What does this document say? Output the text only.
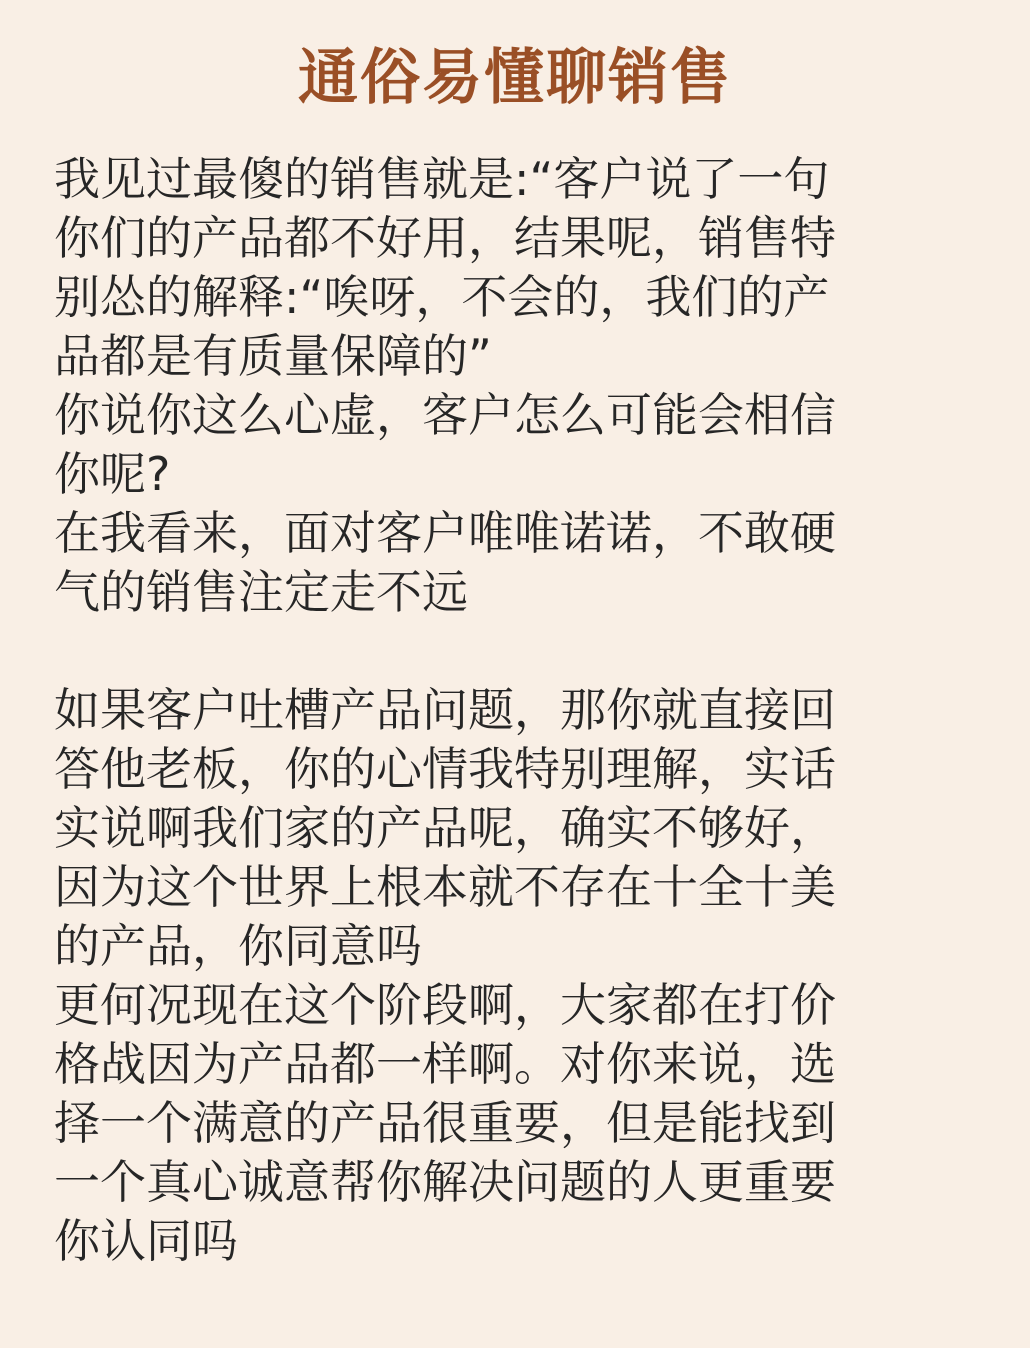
通俗易懂聊销售
我见过最傻的销售就是:“客户说了一句
你们的产品都不好用，结果呢，销售特
别怂的解释:“唉呀，不会的，我们的产
品都是有质量保障的”
你说你这么心虚，客户怎么可能会相信
你呢?
在我看来，面对客户唯唯诺诺，不敢硬
气的销售注定走不远
如果客户吐槽产品问题，那你就直接回
答他老板，你的心情我特别理解，实话
实说啊我们家的产品呢，确实不够好，
因为这个世界上根本就不存在十全十美
的产品，你同意吗
更何况现在这个阶段啊，大家都在打价
格战因为产品都一样啊。对你来说，选
择一个满意的产品很重要，但是能找到
一个真心诚意帮你解决问题的人更重要
你认同吗
